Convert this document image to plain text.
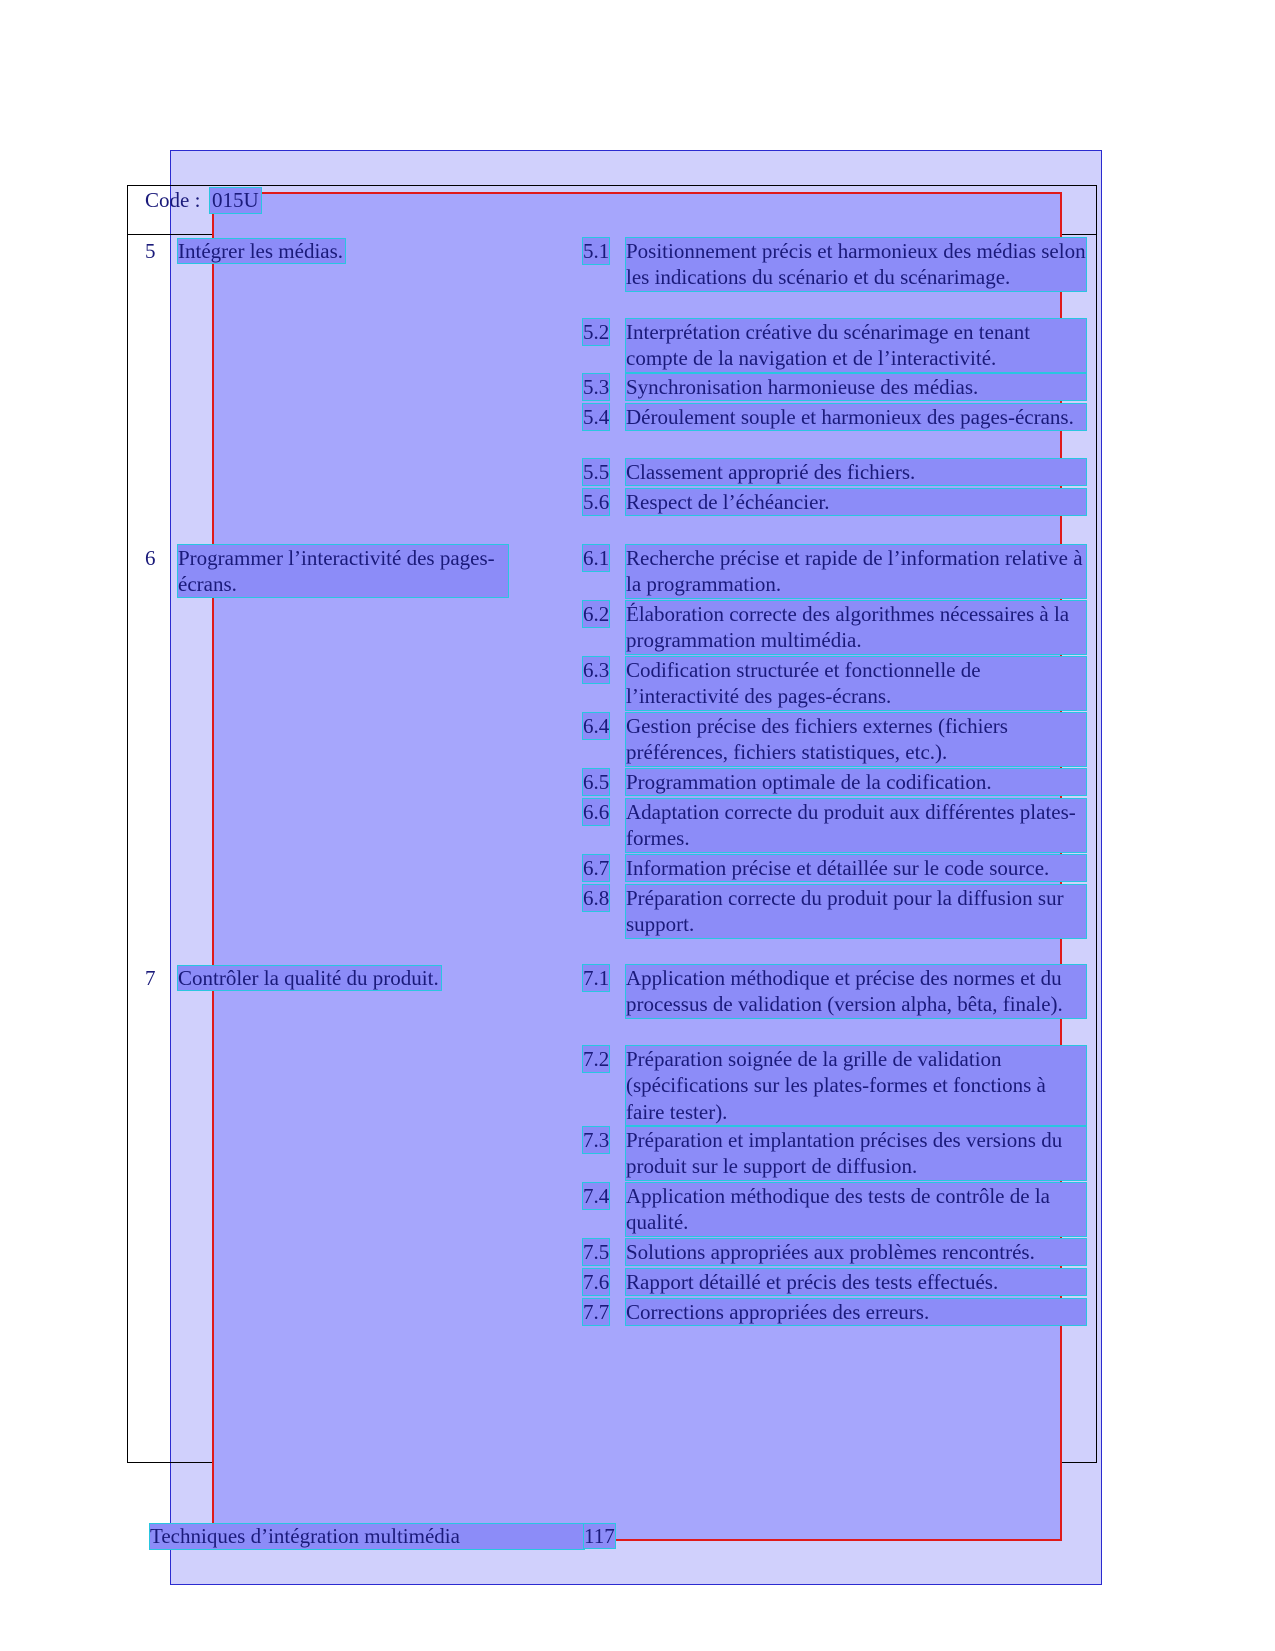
Code : 015U
5 Intégrer les médias.	5.1 Positionnement précis et harmonieux des médias selon les indications du scénario et du scénarimage.
5.2 Interprétation créative du scénarimage en tenant compte de la navigation et de l’interactivité.
5.3 Synchronisation harmonieuse des médias.
5.4 Déroulement souple et harmonieux des pages-écrans.
5.5 Classement approprié des fichiers.
5.6 Respect de l’échéancier.
6 Programmer l’interactivité des pages-écrans.
6.1 Recherche précise et rapide de l’information relative à la programmation.
6.2 Élaboration correcte des algorithmes nécessaires à la programmation multimédia.
6.3 Codification structurée et fonctionnelle de l’interactivité des pages-écrans.
6.4 Gestion précise des fichiers externes (fichiers préférences, fichiers statistiques, etc.).
6.5 Programmation optimale de la codification.
6.6 Adaptation correcte du produit aux différentes plates-formes.
6.7 Information précise et détaillée sur le code source.
6.8 Préparation correcte du produit pour la diffusion sur support.
7 Contrôler la qualité du produit.	7.1 Application méthodique et précise des normes et du processus de validation (version alpha, bêta, finale).
7.2 Préparation soignée de la grille de validation (spécifications sur les plates-formes et fonctions à faire tester).
7.3 Préparation et implantation précises des versions du produit sur le support de diffusion.
7.4 Application méthodique des tests de contrôle de la qualité.
7.5 Solutions appropriées aux problèmes rencontrés.
7.6 Rapport détaillé et précis des tests effectués.
7.7 Corrections appropriées des erreurs.
Techniques d’intégration multimédia	117
